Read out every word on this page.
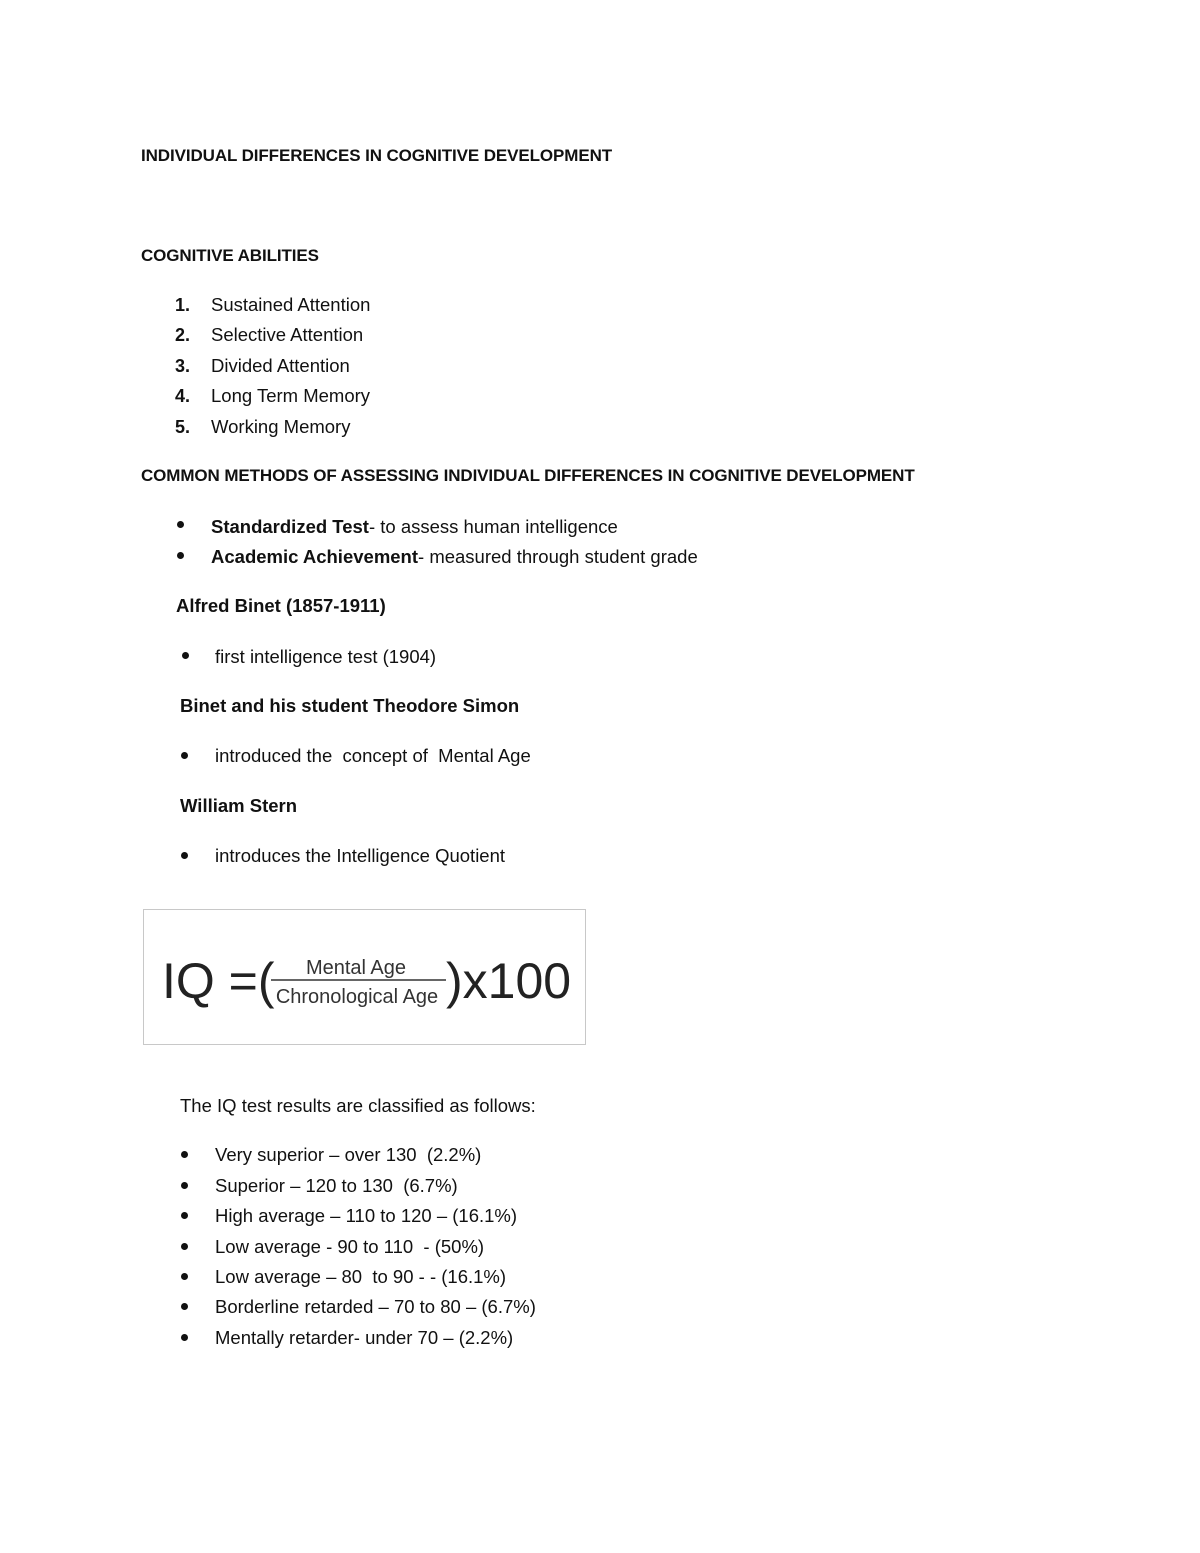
INDIVIDUAL DIFFERENCES IN COGNITIVE DEVELOPMENT
COGNITIVE ABILITIES
1. Sustained Attention
2. Selective Attention
3. Divided Attention
4. Long Term Memory
5. Working Memory
COMMON METHODS OF ASSESSING INDIVIDUAL DIFFERENCES IN COGNITIVE DEVELOPMENT
Standardized Test- to assess human intelligence
Academic Achievement- measured through student grade
Alfred Binet (1857-1911)
first intelligence test (1904)
Binet and his student Theodore Simon
introduced the  concept of  Mental Age
William Stern
introduces the Intelligence Quotient
IQ =( Mental Age
Chronological Age )x100
The IQ test results are classified as follows:
Very superior – over 130  (2.2%)
Superior – 120 to 130  (6.7%)
High average – 110 to 120 – (16.1%)
Low average - 90 to 110  - (50%)
Low average – 80  to 90 - - (16.1%)
Borderline retarded – 70 to 80 – (6.7%)
Mentally retarder- under 70 – (2.2%)
